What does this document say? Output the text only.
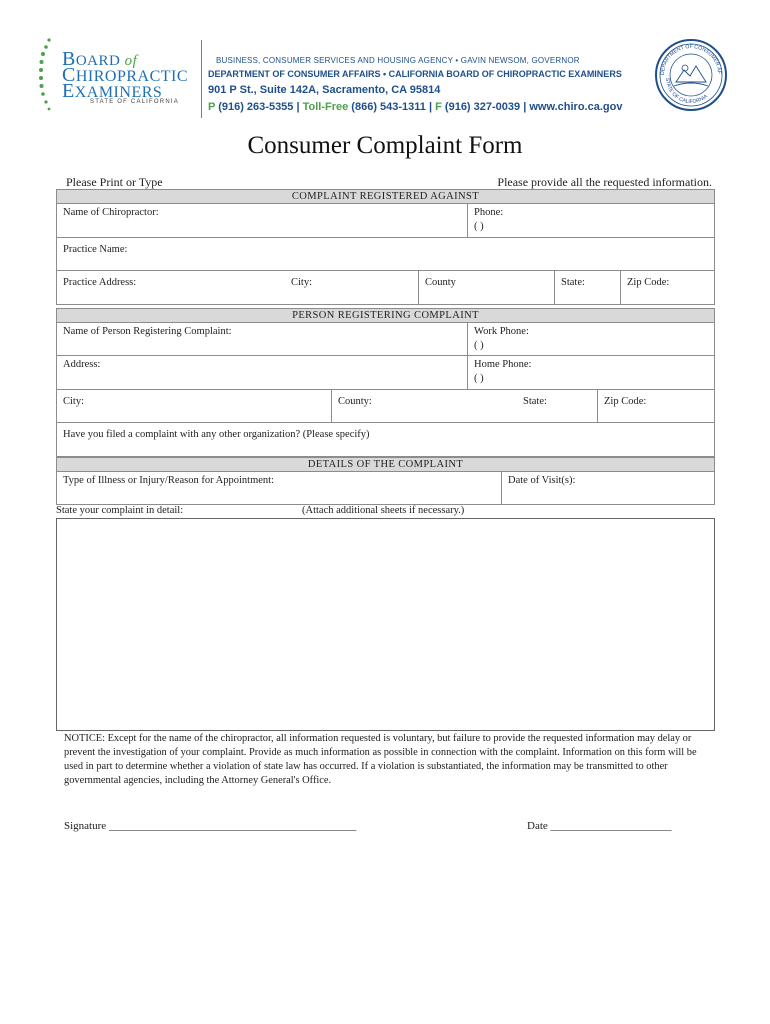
BOARD of
CHIROPRACTIC
EXAMINERS
STATE OF CALIFORNIA
BUSINESS, CONSUMER SERVICES AND HOUSING AGENCY • GAVIN NEWSOM, GOVERNOR
DEPARTMENT OF CONSUMER AFFAIRS • CALIFORNIA BOARD OF CHIROPRACTIC EXAMINERS
901 P St., Suite 142A, Sacramento, CA 95814
P (916) 263-5355 | Toll-Free (866) 543-1311 | F (916) 327-0039 | www.chiro.ca.gov
DEPARTMENT OF CONSUMER AF
STATE OF CALIFORNIA
Consumer Complaint Form
Please Print or Type	Please provide all the requested information.
COMPLAINT REGISTERED AGAINST
Name of Chiropractor:	Phone:
( )
Practice Name:
Practice Address:	City:	County	State:	Zip Code:
PERSON REGISTERING COMPLAINT
Name of Person Registering Complaint:	Work Phone:
( )
Address:	Home Phone:
( )
City:	County:	State:	Zip Code:
Have you filed a complaint with any other organization? (Please specify)
DETAILS OF THE COMPLAINT
Type of Illness or Injury/Reason for Appointment:	Date of Visit(s):
State your complaint in detail:	(Attach additional sheets if necessary.)
NOTICE: Except for the name of the chiropractor, all information requested is voluntary, but failure to provide the requested information may delay or prevent the investigation of your complaint. Provide as much information as possible in connection with the complaint. Information on this form will be used in part to determine whether a violation of state law has occurred. If a violation is substantiated, the information may be transmitted to other governmental agencies, including the Attorney General's Office.
Signature _____________________________________________	Date ______________________
